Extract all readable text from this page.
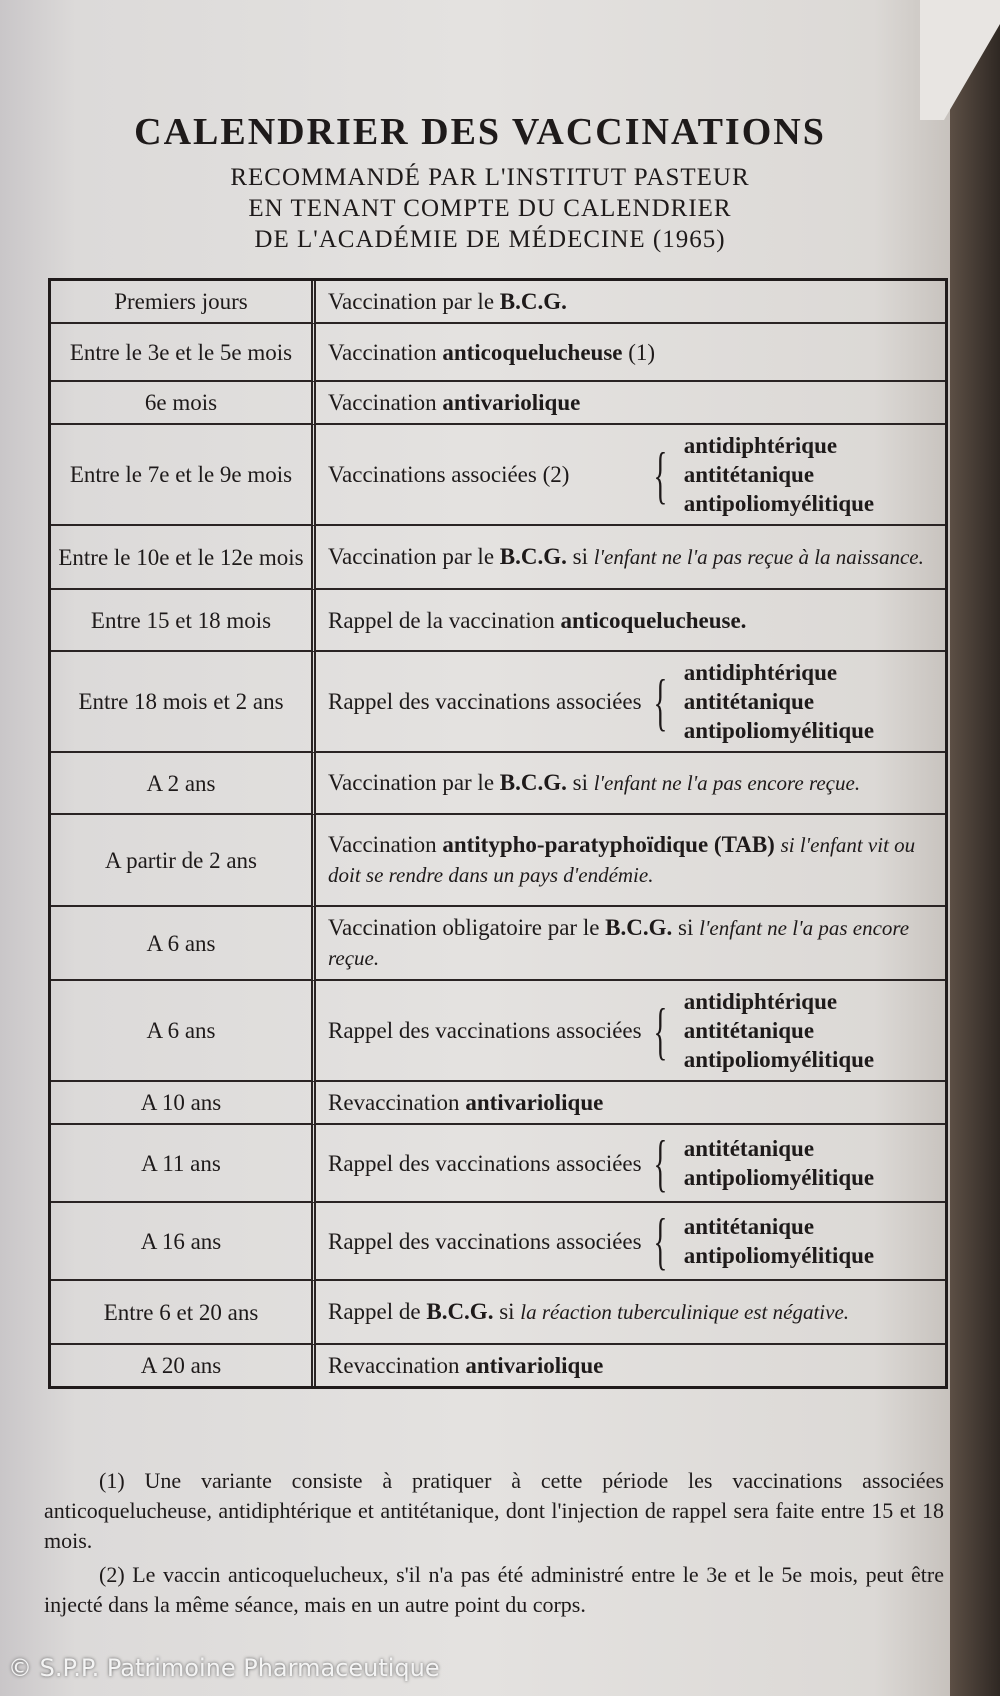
CALENDRIER DES VACCINATIONS
RECOMMANDÉ PAR L'INSTITUT PASTEUR
EN TENANT COMPTE DU CALENDRIER
DE L'ACADÉMIE DE MÉDECINE (1965)
Premiers jours	Vaccination par le B.C.G.
Entre le 3e et le 5e mois	Vaccination anticoquelucheuse (1)
6e mois	Vaccination antivariolique
Entre le 7e et le 9e mois	Vaccinations associées (2) { antidiphtérique
antitétanique
antipoliomyélitique

Entre le 10e et le 12e mois	Vaccination par le B.C.G. si l'enfant ne l'a pas reçue à la naissance.
Entre 15 et 18 mois	Rappel de la vaccination anticoquelucheuse.
Entre 18 mois et 2 ans	Rappel des vaccinations associées { antidiphtérique
antitétanique
antipoliomyélitique

A 2 ans	Vaccination par le B.C.G. si l'enfant ne l'a pas encore reçue.
A partir de 2 ans	Vaccination antitypho-paratyphoïdique (TAB) si l'enfant vit ou doit se rendre dans un pays d'endémie.
A 6 ans	Vaccination obligatoire par le B.C.G. si l'enfant ne l'a pas encore reçue.
A 6 ans	Rappel des vaccinations associées { antidiphtérique
antitétanique
antipoliomyélitique

A 10 ans	Revaccination antivariolique
A 11 ans	Rappel des vaccinations associées { antitétanique
antipoliomyélitique

A 16 ans	Rappel des vaccinations associées { antitétanique
antipoliomyélitique

Entre 6 et 20 ans	Rappel de B.C.G. si la réaction tuberculinique est négative.
A 20 ans	Revaccination antivariolique

(1) Une variante consiste à pratiquer à cette période les vaccinations associées anticoquelucheuse, antidiphtérique et antitétanique, dont l'injection de rappel sera faite entre 15 et 18 mois.

(2) Le vaccin anticoquelucheux, s'il n'a pas été administré entre le 3e et le 5e mois, peut être injecté dans la même séance, mais en un autre point du corps.

© S.P.P. Patrimoine Pharmaceutique
